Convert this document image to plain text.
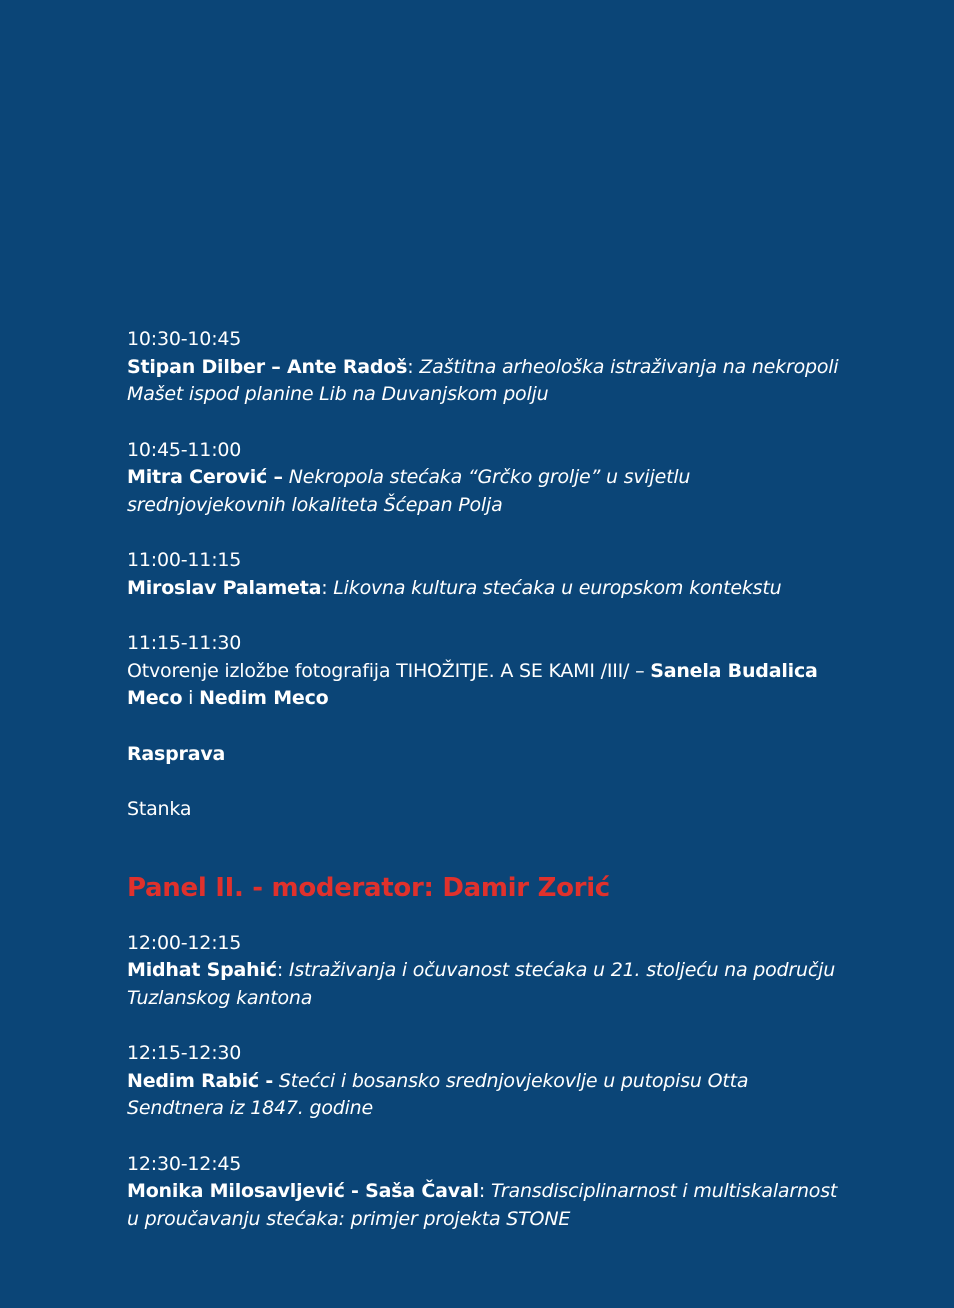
10:30-10:45
Stipan Dilber – Ante Radoš: Zaštitna arheološka istraživanja na nekropoli Mašet ispod planine Lib na Duvanjskom polju
10:45-11:00
Mitra Cerović – Nekropola stećaka “Grčko grolje” u svijetlu srednjovjekovnih lokaliteta Šćepan Polja
11:00-11:15
Miroslav Palameta: Likovna kultura stećaka u europskom kontekstu
11:15-11:30
Otvorenje izložbe fotografija TIHOŽITJE. A SE KAMI /III/ – Sanela Budalica Meco i Nedim Meco
Rasprava
Stanka
Panel II. - moderator: Damir Zorić
12:00-12:15
Midhat Spahić: Istraživanja i očuvanost stećaka u 21. stoljeću na području Tuzlanskog kantona
12:15-12:30
Nedim Rabić - Stećci i bosansko srednjovjekovlje u putopisu Otta Sendtnera iz 1847. godine
12:30-12:45
Monika Milosavljević - Saša Čaval: Transdisciplinarnost i multiskalarnost u proučavanju stećaka: primjer projekta STONE
